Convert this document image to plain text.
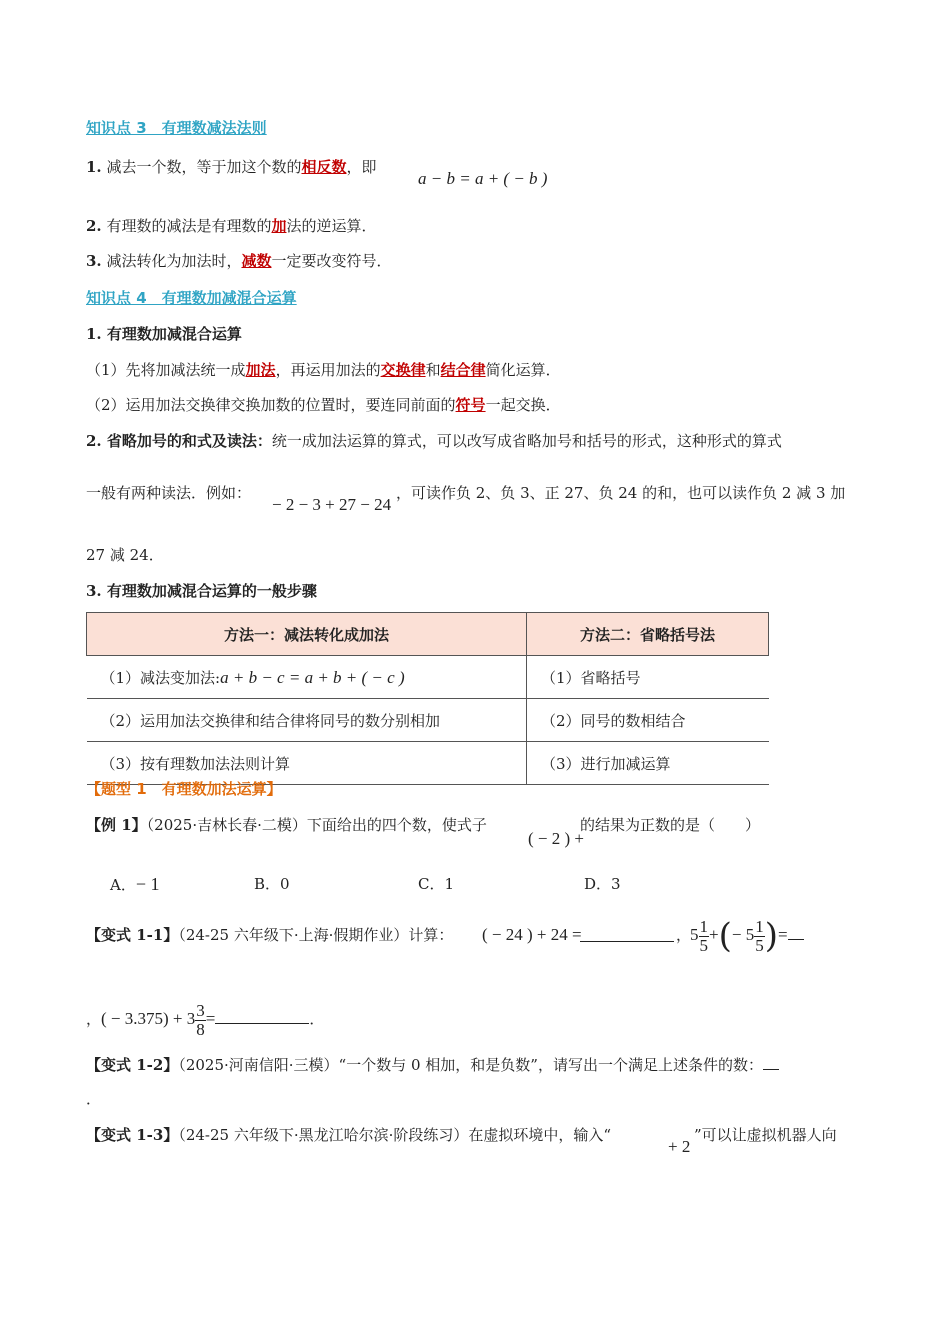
知识点 3　有理数减法法则
1. 减去一个数，等于加这个数的相反数，即
a − b = a + ( − b )
2. 有理数的减法是有理数的加法的逆运算．
3. 减法转化为加法时，减数一定要改变符号．
知识点 4　有理数加减混合运算
1. 有理数加减混合运算
（1）先将加减法统一成加法，再运用加法的交换律和结合律简化运算．
（2）运用加法交换律交换加数的位置时，要连同前面的符号一起交换．
2. 省略加号的和式及读法：统一成加法运算的算式，可以改写成省略加号和括号的形式，这种形式的算式
一般有两种读法．例如：
− 2 − 3 + 27 − 24
，可读作负 2、负 3、正 27、负 24 的和，也可以读作负 2 减 3 加
27 减 24．
3. 有理数加减混合运算的一般步骤
方法一：减法转化成加法	方法二：省略括号法
（1）减法变加法:a + b − c = a + b + ( − c )	（1）省略括号
（2）运用加法交换律和结合律将同号的数分别相加	（2）同号的数相结合
（3）按有理数加法法则计算	（3）进行加减运算
【题型 1　有理数加法运算】
【例 1】（2025·吉林长春·二模）下面给出的四个数，使式子
( − 2 ) +
的结果为正数的是（　　）
A．− 1	B．0	C．1	D．3
【变式 1-1】（24-25 六年级下·上海·假期作业）计算： ( − 24 ) + 24 =	，
$5 \frac{1}{5}$ +(− $5 \frac{1}{5}$ )=
，( − $3.375) + 3 \frac{3}{8}$ =	．
【变式 1-2】（2025·河南信阳·三模）“一个数与 0 相加，和是负数”，请写出一个满足上述条件的数：
．
【变式 1-3】（24-25 六年级下·黑龙江哈尔滨·阶段练习）在虚拟环境中，输入“
+ 2
”可以让虚拟机器人向
